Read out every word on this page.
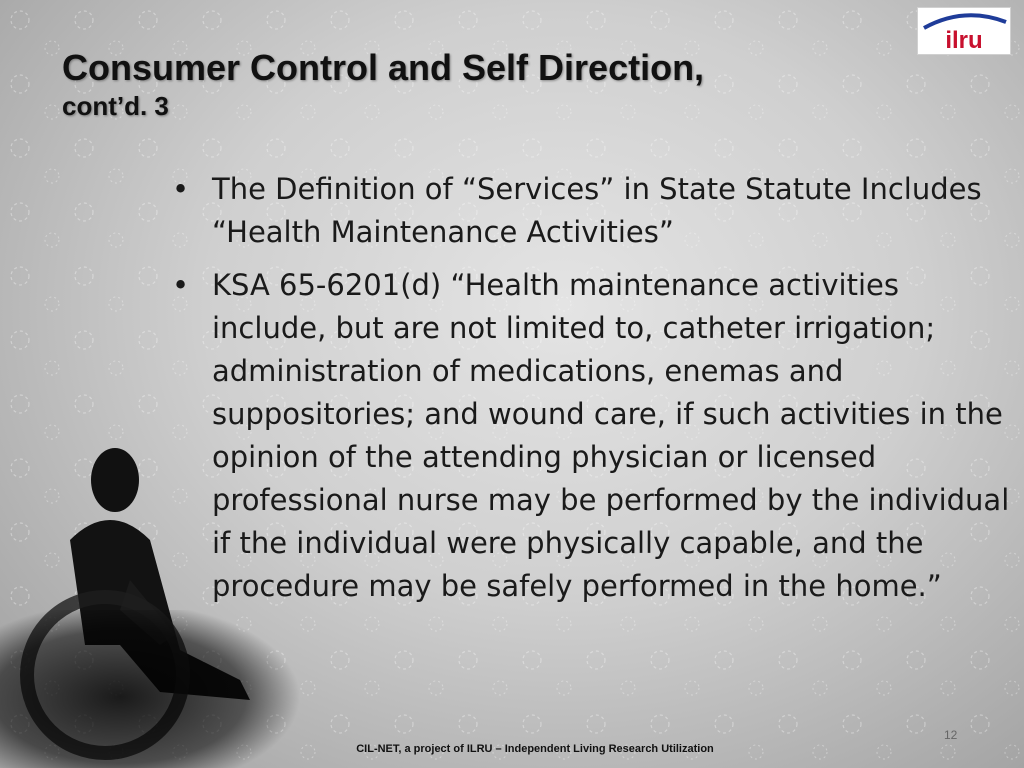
Consumer Control and Self Direction,
cont’d. 3
ilru
• The Definition of “Services” in State Statute Includes “Health Maintenance Activities”
• KSA 65-6201(d) “Health maintenance activities include, but are not limited to, catheter irrigation; administration of medications, enemas and suppositories; and wound care, if such activities in the opinion of the attending physician or licensed professional nurse may be performed by the individual if the individual were physically capable, and the procedure may be safely performed in the home.”
12
CIL-NET, a project of ILRU – Independent Living Research Utilization
